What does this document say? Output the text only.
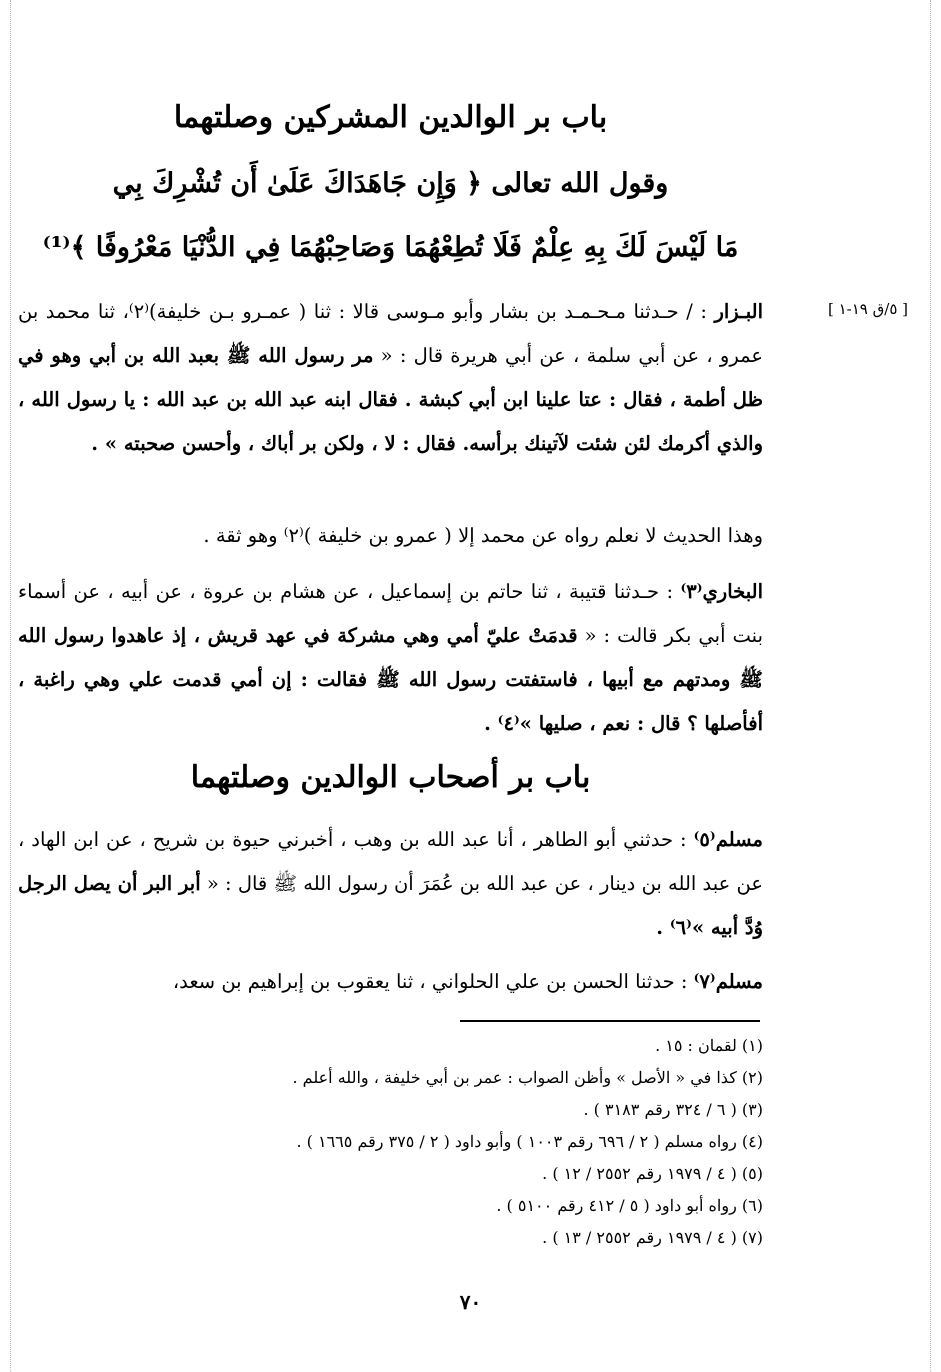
[ ٥/ق ١٩-١ ]
باب بر الوالدين المشركين وصلتهما
وقول الله تعالى ﴿ وَإِن جَاهَدَاكَ عَلَىٰ أَن تُشْرِكَ بِي
مَا لَيْسَ لَكَ بِهِ عِلْمٌ فَلَا تُطِعْهُمَا وَصَاحِبْهُمَا فِي الدُّنْيَا مَعْرُوفًا ﴾⁽¹⁾

البـزار : / حـدثنا مـحـمـد بن بشار وأبو مـوسى قالا : ثنا ( عمـرو بـن خليفة)⁽٢⁾، ثنا محمد بن عمرو ، عن أبي سلمة ، عن أبي هريرة قال : « مر رسول الله ﷺ بعبد الله بن أبي وهو في ظل أطمة ، فقال : عتا علينا ابن أبي كبشة . فقال ابنه عبد الله بن عبد الله : يا رسول الله ، والذي أكرمك لئن شئت لآتينك برأسه. فقال : لا ، ولكن بر أباك ، وأحسن صحبته » .

وهذا الحديث لا نعلم رواه عن محمد إلا ( عمرو بن خليفة )⁽٢⁾ وهو ثقة .

البخاري⁽٣⁾ : حـدثنا قتيبة ، ثنا حاتم بن إسماعيل ، عن هشام بن عروة ، عن أبيه ، عن أسماء بنت أبي بكر قالت : « قدمَتْ عليّ أمي وهي مشركة في عهد قريش ، إذ عاهدوا رسول الله ﷺ ومدتهم مع أبيها ، فاستفتت رسول الله ﷺ فقالت : إن أمي قدمت علي وهي راغبة ، أفأصلها ؟ قال : نعم ، صليها »⁽٤⁾ .

باب بر أصحاب الوالدين وصلتهما

مسلم⁽٥⁾ : حدثني أبو الطاهر ، أنا عبد الله بن وهب ، أخبرني حيوة بن شريح ، عن ابن الهاد ، عن عبد الله بن دينار ، عن عبد الله بن عُمَرَ أن رسول الله ﷺ قال : « أبر البر أن يصل الرجل وُدَّ أبيه »⁽٦⁾ .

مسلم⁽٧⁾ : حدثنا الحسن بن علي الحلواني ، ثنا يعقوب بن إبراهيم بن سعد،

(١) لقمان : ١٥ .
(٢) كذا في « الأصل » وأظن الصواب : عمر بن أبي خليفة ، والله أعلم .
(٣) ( ٦ / ٣٢٤ رقم ٣١٨٣ ) .
(٤) رواه مسلم ( ٢ / ٦٩٦ رقم ١٠٠٣ ) وأبو داود ( ٢ / ٣٧٥ رقم ١٦٦٥ ) .
(٥) ( ٤ / ١٩٧٩ رقم ٢٥٥٢ / ١٢ ) .
(٦) رواه أبو داود ( ٥ / ٤١٢ رقم ٥١٠٠ ) .
(٧) ( ٤ / ١٩٧٩ رقم ٢٥٥٢ / ١٣ ) .
٧٠
